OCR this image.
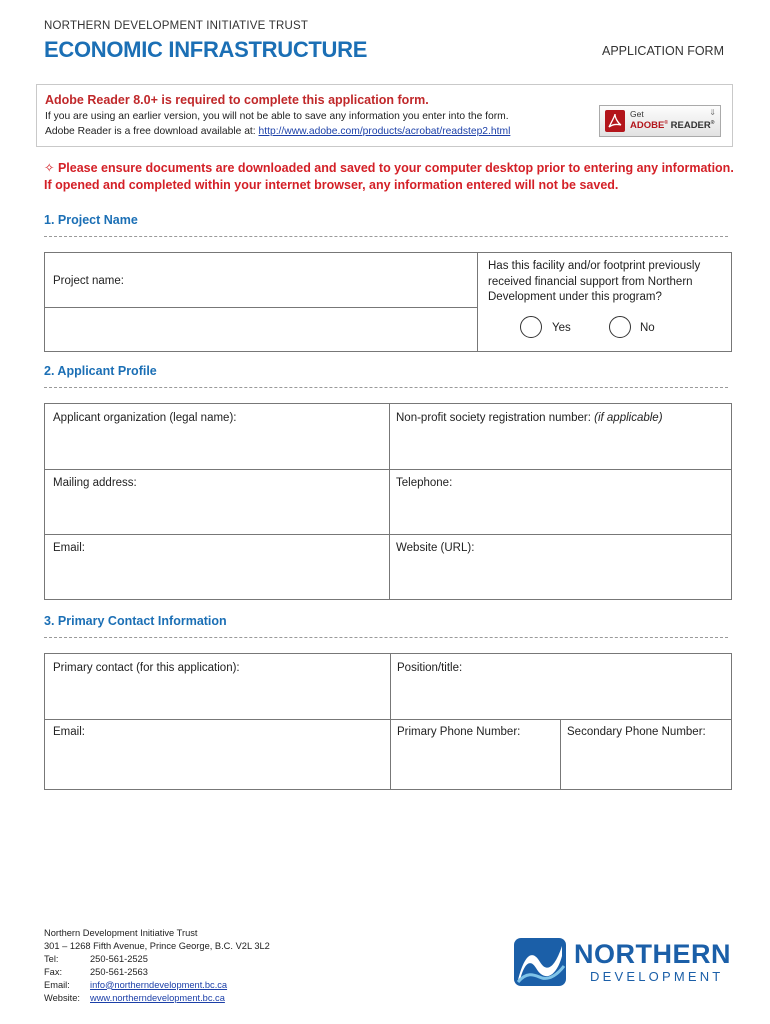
NORTHERN DEVELOPMENT INITIATIVE TRUST
ECONOMIC INFRASTRUCTURE	APPLICATION FORM
Adobe Reader 8.0+ is required to complete this application form.
If you are using an earlier version, you will not be able to save any information you enter into the form.
Adobe Reader is a free download available at: http://www.adobe.com/products/acrobat/readstep2.html
Get
ADOBE® READER®
⇓
✧ Please ensure documents are downloaded and saved to your computer desktop prior to entering any information.
If opened and completed within your internet browser, any information entered will not be saved.
1. Project Name
Project name:
Has this facility and/or footprint previously
received financial support from Northern
Development under this program?
Yes	No
2. Applicant Profile
Applicant organization (legal name):	Non-profit society registration number: (if applicable)
Mailing address:	Telephone:
Email:	Website (URL):
3. Primary Contact Information
Primary contact (for this application):	Position/title:
Email:	Primary Phone Number:	Secondary Phone Number:
Northern Development Initiative Trust
301 – 1268 Fifth Avenue, Prince George, B.C. V2L 3L2
Tel:	250-561-2525
Fax:	250-561-2563
Email: info@northerndevelopment.bc.ca
Website: www.northerndevelopment.bc.ca
NORTHERN
DEVELOPMENT
